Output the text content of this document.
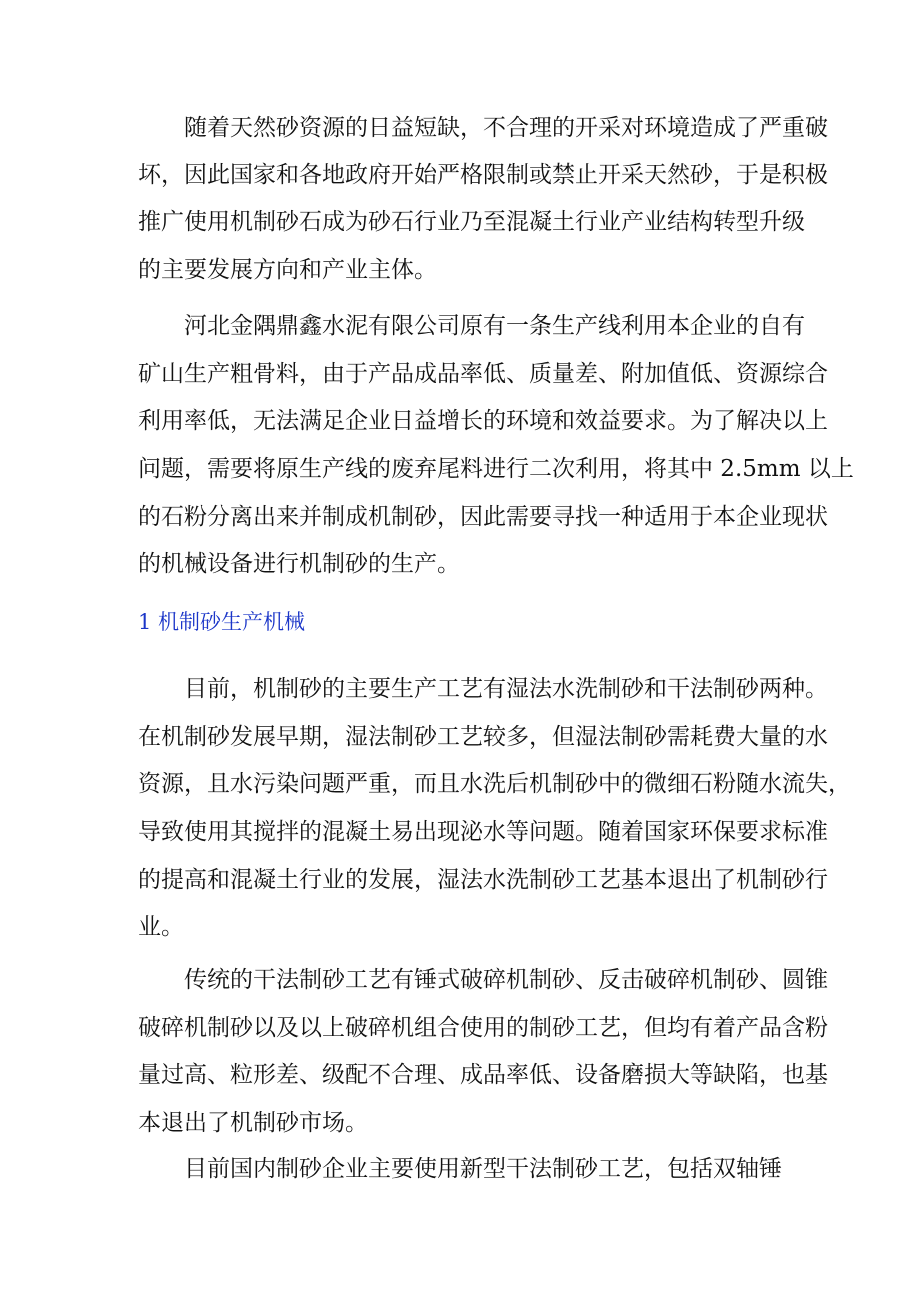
随着天然砂资源的日益短缺，不合理的开采对环境造成了严重破
坏，因此国家和各地政府开始严格限制或禁止开采天然砂，于是积极
推广使用机制砂石成为砂石行业乃至混凝土行业产业结构转型升级
的主要发展方向和产业主体。
河北金隅鼎鑫水泥有限公司原有一条生产线利用本企业的自有
矿山生产粗骨料，由于产品成品率低、质量差、附加值低、资源综合
利用率低，无法满足企业日益增长的环境和效益要求。为了解决以上
问题，需要将原生产线的废弃尾料进行二次利用，将其中 2.5mm 以上
的石粉分离出来并制成机制砂，因此需要寻找一种适用于本企业现状
的机械设备进行机制砂的生产。
1 机制砂生产机械
目前，机制砂的主要生产工艺有湿法水洗制砂和干法制砂两种。
在机制砂发展早期，湿法制砂工艺较多，但湿法制砂需耗费大量的水
资源，且水污染问题严重，而且水洗后机制砂中的微细石粉随水流失，
导致使用其搅拌的混凝土易出现泌水等问题。随着国家环保要求标准
的提高和混凝土行业的发展，湿法水洗制砂工艺基本退出了机制砂行
业。
传统的干法制砂工艺有锤式破碎机制砂、反击破碎机制砂、圆锥
破碎机制砂以及以上破碎机组合使用的制砂工艺，但均有着产品含粉
量过高、粒形差、级配不合理、成品率低、设备磨损大等缺陷，也基
本退出了机制砂市场。
目前国内制砂企业主要使用新型干法制砂工艺，包括双轴锤
